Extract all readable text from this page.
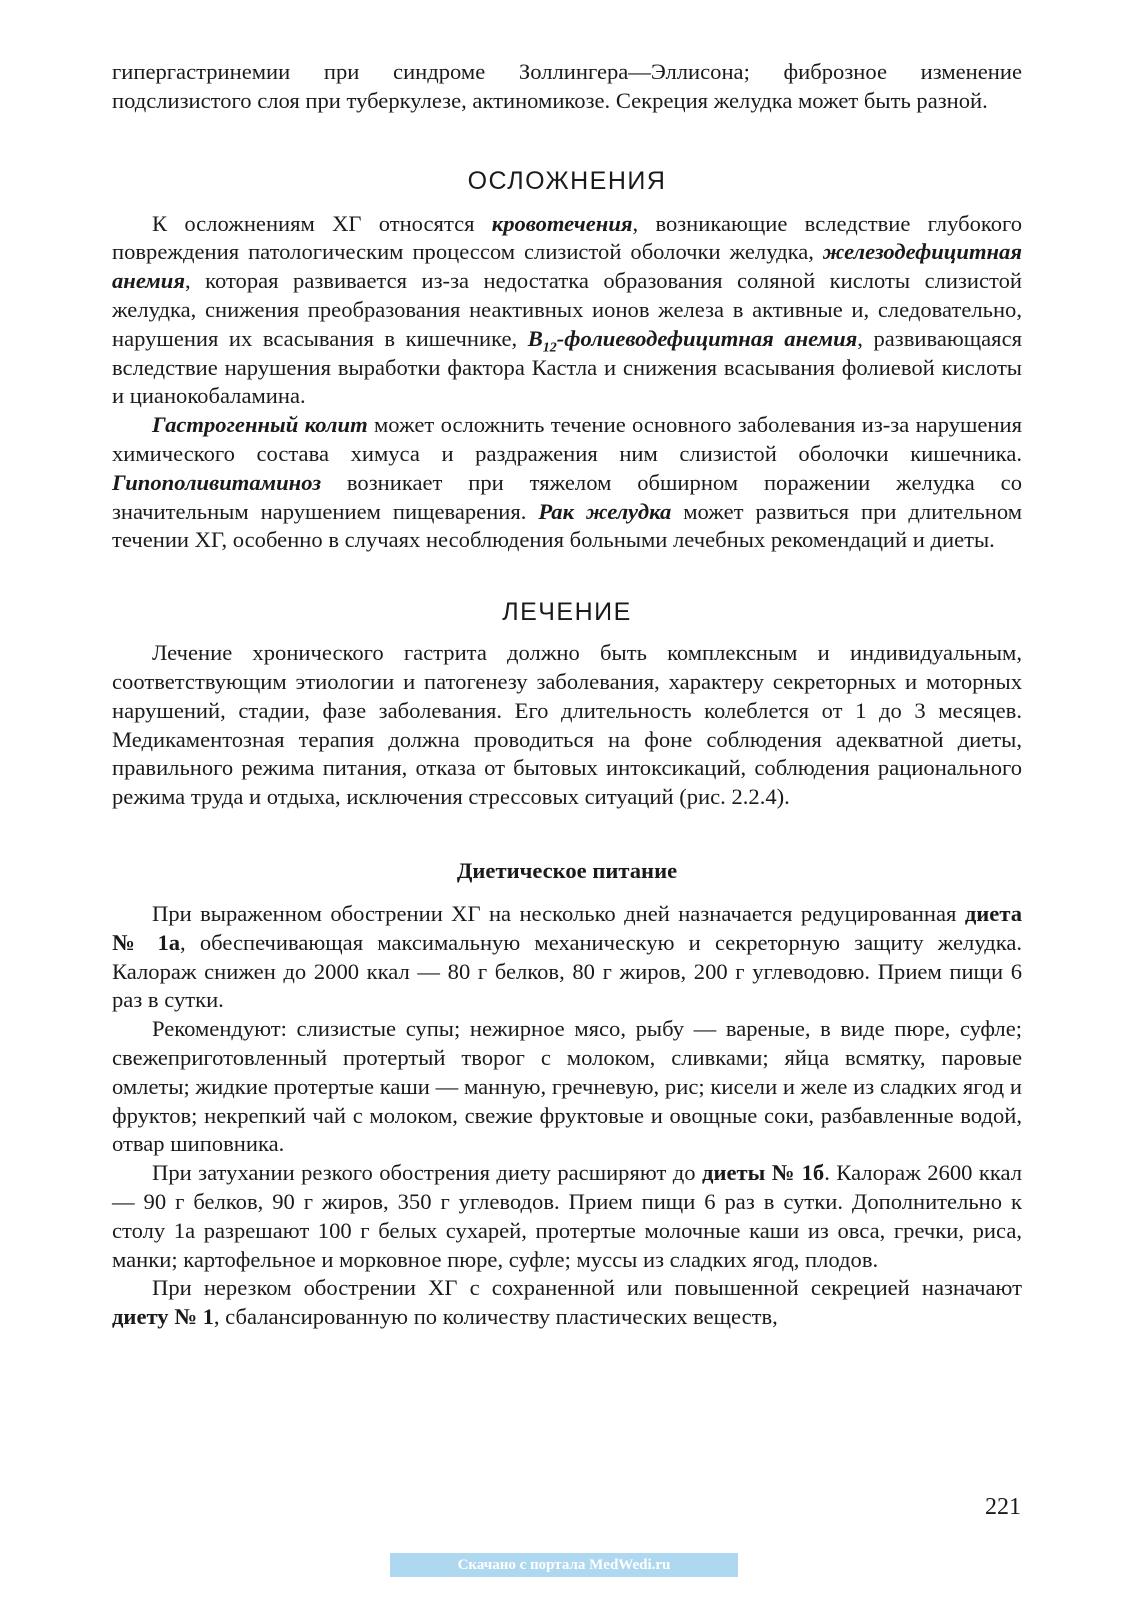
гипергастринемии при синдроме Золлингера—Эллисона; фиброзное изменение подслизистого слоя при туберкулезе, актиномикозе. Секреция желудка может быть разной.

ОСЛОЖНЕНИЯ

К осложнениям ХГ относятся кровотечения, возникающие вследствие глубокого повреждения патологическим процессом слизистой оболочки желудка, железодефицитная анемия, которая развивается из-за недостатка образования соляной кислоты слизистой желудка, снижения преобразования неактивных ионов железа в активные и, следовательно, нарушения их всасывания в кишечнике, $В_{12}$-фолиеводефицитная анемия, развивающаяся вследствие нарушения выработки фактора Кастла и снижения всасывания фолиевой кислоты и цианокобаламина.

Гастрогенный колит может осложнить течение основного заболевания из-за нарушения химического состава химуса и раздражения ним слизистой оболочки кишечника. Гипополивитаминоз возникает при тяжелом обширном поражении желудка со значительным нарушением пищеварения. Рак желудка может развиться при длительном течении ХГ, особенно в случаях несоблюдения больными лечебных рекомендаций и диеты.

ЛЕЧЕНИЕ

Лечение хронического гастрита должно быть комплексным и индивидуальным, соответствующим этиологии и патогенезу заболевания, характеру секреторных и моторных нарушений, стадии, фазе заболевания. Его длительность колеблется от 1 до 3 месяцев. Медикаментозная терапия должна проводиться на фоне соблюдения адекватной диеты, правильного режима питания, отказа от бытовых интоксикаций, соблюдения рационального режима труда и отдыха, исключения стрессовых ситуаций (рис. 2.2.4).

Диетическое питание

При выраженном обострении ХГ на несколько дней назначается редуцированная диета № 1а, обеспечивающая максимальную механическую и секреторную защиту желудка. Калораж снижен до 2000 ккал — 80 г белков, 80 г жиров, 200 г углеводовю. Прием пищи 6 раз в сутки.

Рекомендуют: слизистые супы; нежирное мясо, рыбу — вареные, в виде пюре, суфле; свежеприготовленный протертый творог с молоком, сливками; яйца всмятку, паровые омлеты; жидкие протертые каши — манную, гречневую, рис; кисели и желе из сладких ягод и фруктов; некрепкий чай с молоком, свежие фруктовые и овощные соки, разбавленные водой, отвар шиповника.

При затухании резкого обострения диету расширяют до диеты № 1б. Калораж 2600 ккал — 90 г белков, 90 г жиров, 350 г углеводов. Прием пищи 6 раз в сутки. Дополнительно к столу 1а разрешают 100 г белых сухарей, протертые молочные каши из овса, гречки, риса, манки; картофельное и морковное пюре, суфле; муссы из сладких ягод, плодов.

При нерезком обострении ХГ с сохраненной или повышенной секрецией назначают диету № 1, сбалансированную по количеству пластических веществ,

221
Скачано с портала MedWedi.ru
